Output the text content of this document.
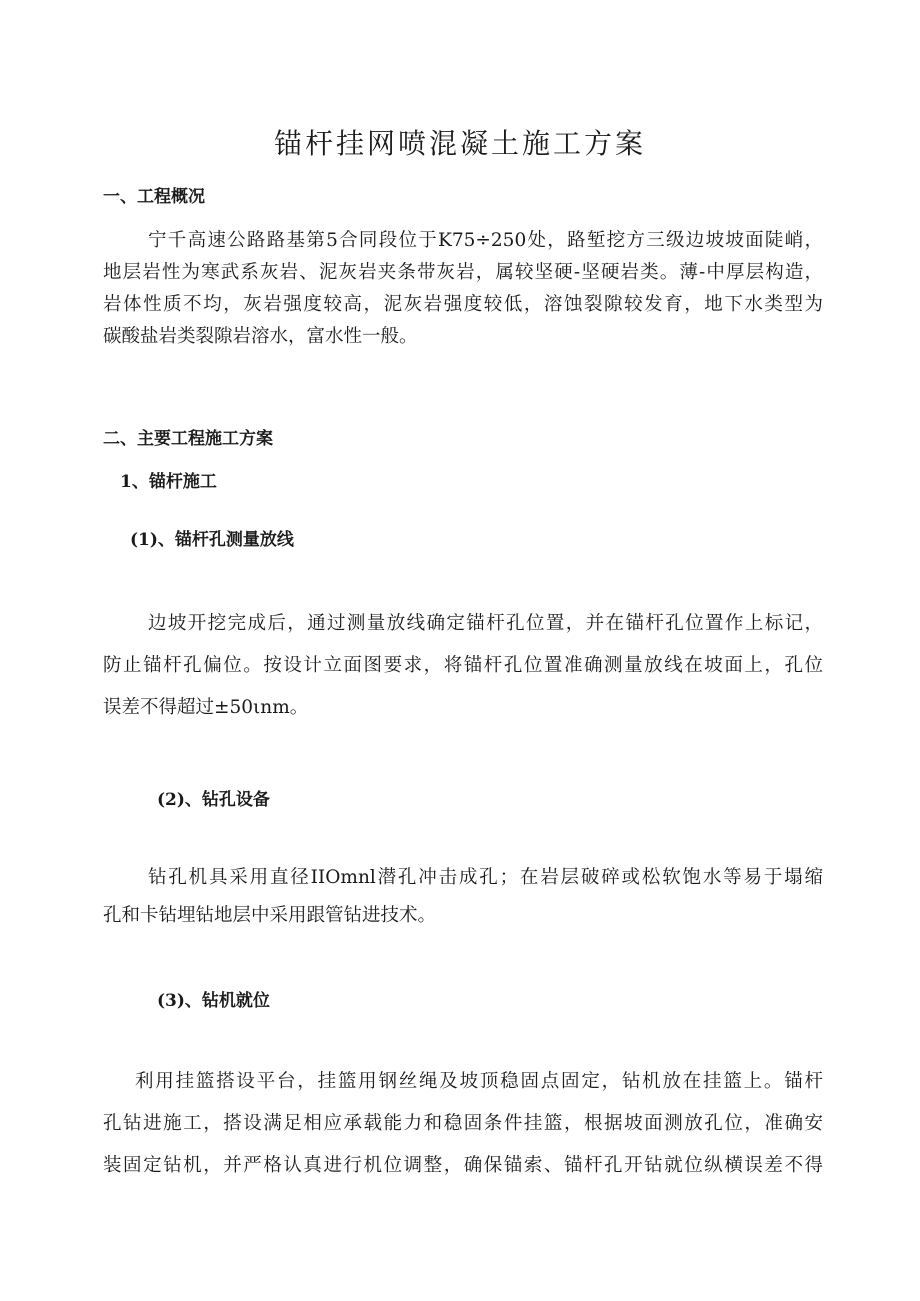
锚杆挂网喷混凝土施工方案
一、工程概况
宁千高速公路路基第5合同段位于K75÷250处，路堑挖方三级边坡坡面陡峭，
地层岩性为寒武系灰岩、泥灰岩夹条带灰岩，属较坚硬-坚硬岩类。薄-中厚层构造，
岩体性质不均，灰岩强度较高，泥灰岩强度较低，溶蚀裂隙较发育，地下水类型为
碳酸盐岩类裂隙岩溶水，富水性一般。
二、主要工程施工方案
1、锚杆施工
(1)、锚杆孔测量放线
边坡开挖完成后，通过测量放线确定锚杆孔位置，并在锚杆孔位置作上标记，
防止锚杆孔偏位。按设计立面图要求，将锚杆孔位置准确测量放线在坡面上，孔位
误差不得超过±50ιnm。
(2)、钻孔设备
钻孔机具采用直径IIOmnl潜孔冲击成孔；在岩层破碎或松软饱水等易于塌缩
孔和卡钻埋钻地层中采用跟管钻进技术。
(3)、钻机就位
利用挂篮搭设平台，挂篮用钢丝绳及坡顶稳固点固定，钻机放在挂篮上。锚杆
孔钻进施工，搭设满足相应承载能力和稳固条件挂篮，根据坡面测放孔位，准确安
装固定钻机，并严格认真进行机位调整，确保锚索、锚杆孔开钻就位纵横误差不得
